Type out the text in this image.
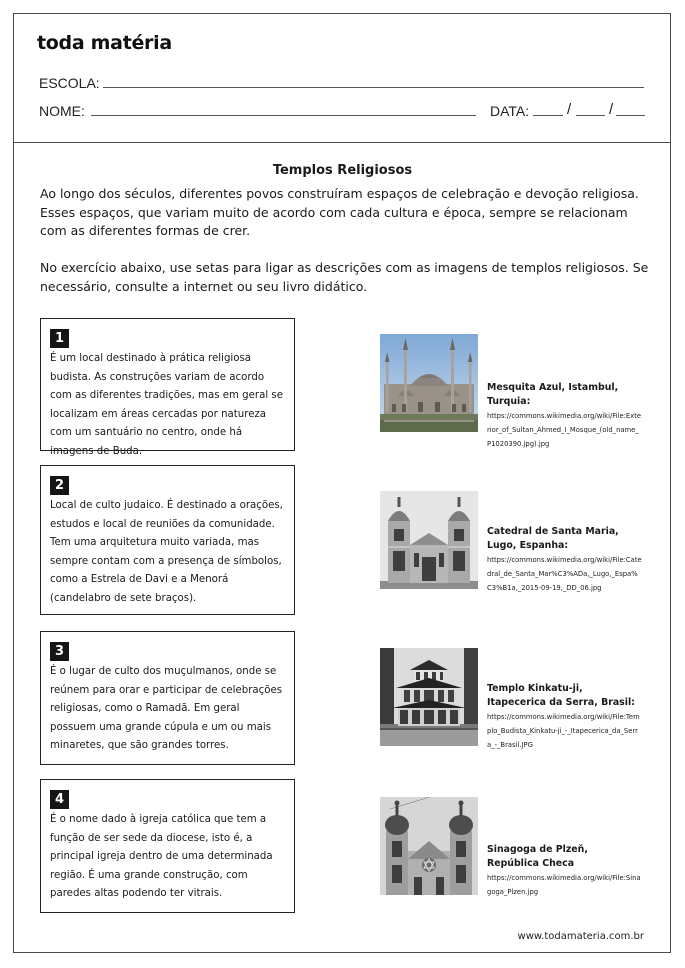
toda matéria
ESCOLA:
NOME:	DATA:	/	/
Templos Religiosos

Ao longo dos séculos, diferentes povos construíram espaços de celebração e devoção religiosa. Esses espaços, que variam muito de acordo com cada cultura e época, sempre se relacionam com as diferentes formas de crer.

No exercício abaixo, use setas para ligar as descrições com as imagens de templos religiosos. Se necessário, consulte a internet ou seu livro didático.

1

É um local destinado à prática religiosa budista. As construções variam de acordo com as diferentes tradições, mas em geral se localizam em áreas cercadas por natureza com um santuário no centro, onde há imagens de Buda.

2

Local de culto judaico. É destinado a orações, estudos e local de reuniões da comunidade. Tem uma arquitetura muito variada, mas sempre contam com a presença de símbolos, como a Estrela de Davi e a Menorá (candelabro de sete braços).

3

É o lugar de culto dos muçulmanos, onde se reúnem para orar e participar de celebrações religiosas, como o Ramadã. Em geral possuem uma grande cúpula e um ou mais minaretes, que são grandes torres.

4

É o nome dado à igreja católica que tem a função de ser sede da diocese, isto é, a principal igreja dentro de uma determinada região. É uma grande construção, com paredes altas podendo ter vitrais.

Mesquita Azul, Istambul, Turquia:

https://commons.wikimedia.org/wiki/File:Exterior_of_Sultan_Ahmed_I_Mosque_(old_name_P1020390.jpg).jpg

Catedral de Santa Maria, Lugo, Espanha:

https://commons.wikimedia.org/wiki/File:Catedral_de_Santa_Mar%C3%ADa,_Lugo,_Espa%C3%B1a,_2015-09-19,_DD_06.jpg

Templo Kinkatu-ji, Itapecerica da Serra, Brasil:

https://commons.wikimedia.org/wiki/File:Templo_Budista_Kinkatu-ji_-_Itapecerica_da_Serra_-_Brasil.JPG

Sinagoga de Plzeň, República Checa

https://commons.wikimedia.org/wiki/File:Sinagoga_Plzen.jpg

www.todamateria.com.br
